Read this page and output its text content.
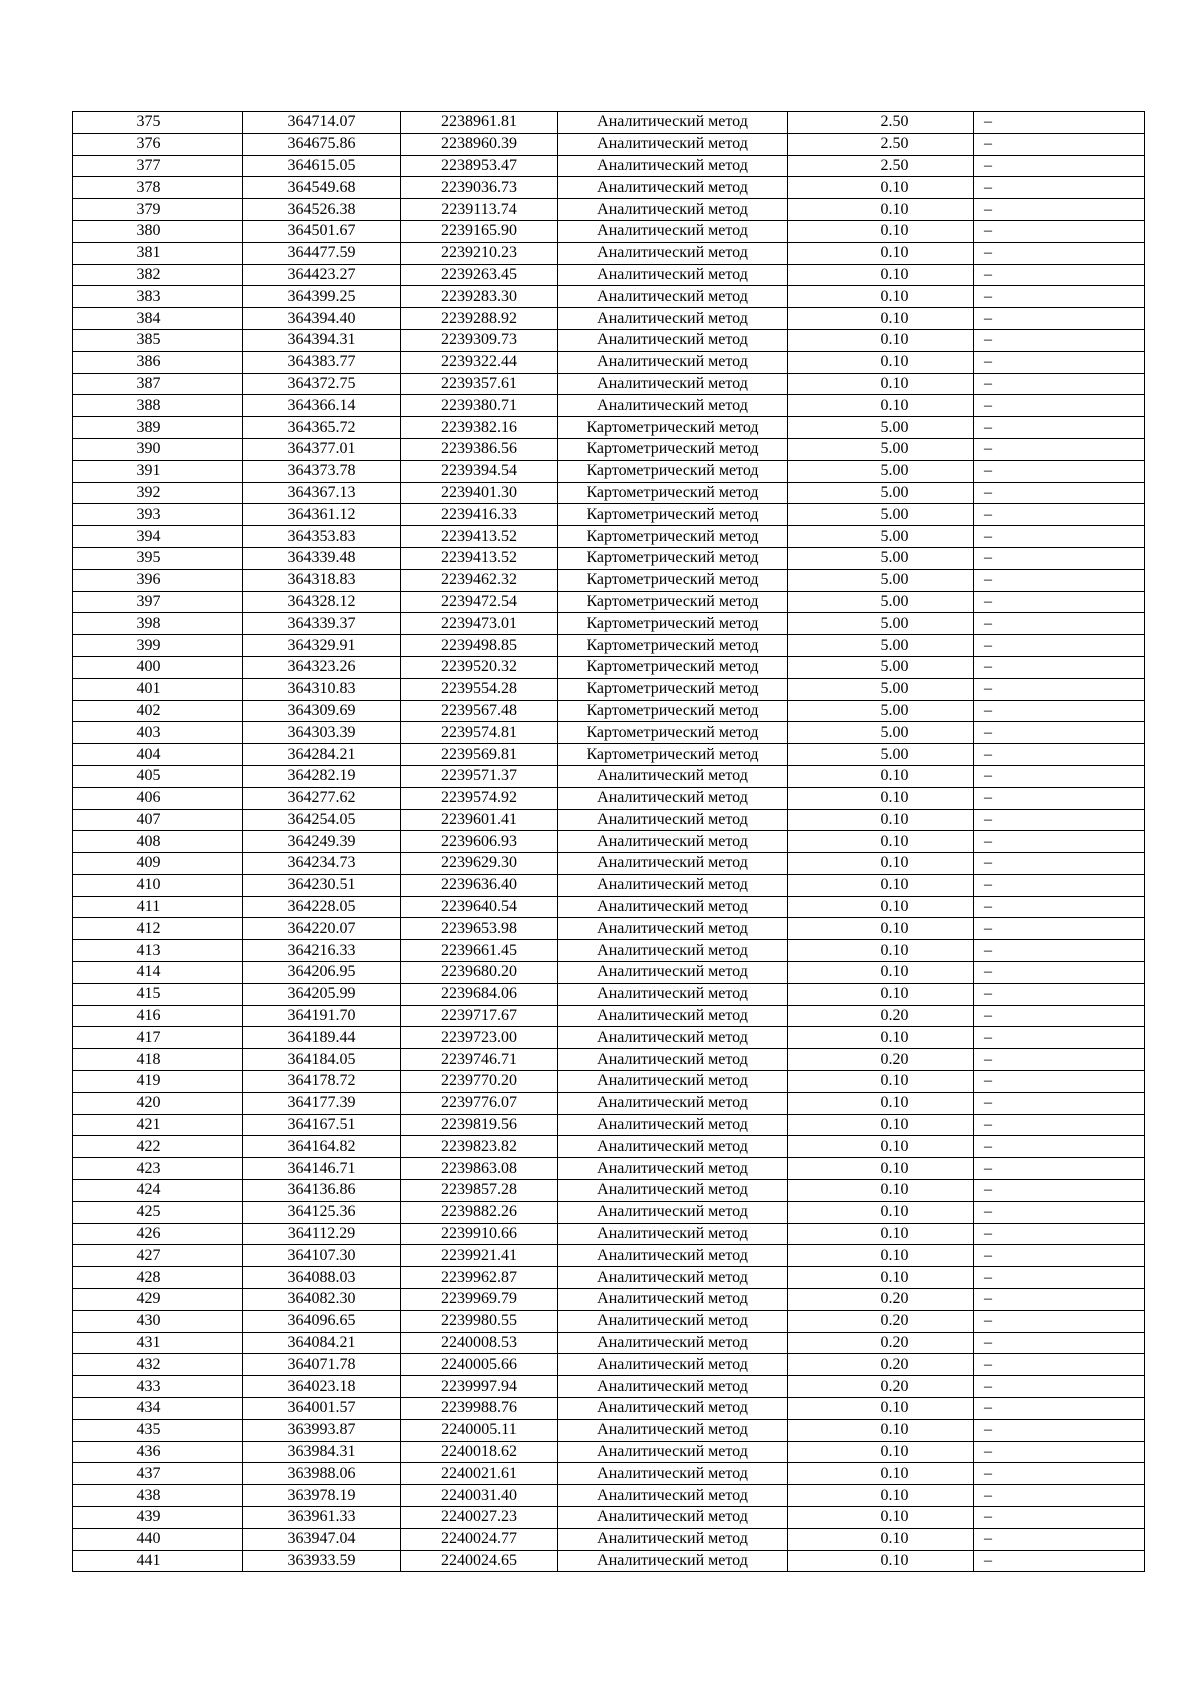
375	364714.07	2238961.81	Аналитический метод	2.50	–
376	364675.86	2238960.39	Аналитический метод	2.50	–
377	364615.05	2238953.47	Аналитический метод	2.50	–
378	364549.68	2239036.73	Аналитический метод	0.10	–
379	364526.38	2239113.74	Аналитический метод	0.10	–
380	364501.67	2239165.90	Аналитический метод	0.10	–
381	364477.59	2239210.23	Аналитический метод	0.10	–
382	364423.27	2239263.45	Аналитический метод	0.10	–
383	364399.25	2239283.30	Аналитический метод	0.10	–
384	364394.40	2239288.92	Аналитический метод	0.10	–
385	364394.31	2239309.73	Аналитический метод	0.10	–
386	364383.77	2239322.44	Аналитический метод	0.10	–
387	364372.75	2239357.61	Аналитический метод	0.10	–
388	364366.14	2239380.71	Аналитический метод	0.10	–
389	364365.72	2239382.16	Картометрический метод	5.00	–
390	364377.01	2239386.56	Картометрический метод	5.00	–
391	364373.78	2239394.54	Картометрический метод	5.00	–
392	364367.13	2239401.30	Картометрический метод	5.00	–
393	364361.12	2239416.33	Картометрический метод	5.00	–
394	364353.83	2239413.52	Картометрический метод	5.00	–
395	364339.48	2239413.52	Картометрический метод	5.00	–
396	364318.83	2239462.32	Картометрический метод	5.00	–
397	364328.12	2239472.54	Картометрический метод	5.00	–
398	364339.37	2239473.01	Картометрический метод	5.00	–
399	364329.91	2239498.85	Картометрический метод	5.00	–
400	364323.26	2239520.32	Картометрический метод	5.00	–
401	364310.83	2239554.28	Картометрический метод	5.00	–
402	364309.69	2239567.48	Картометрический метод	5.00	–
403	364303.39	2239574.81	Картометрический метод	5.00	–
404	364284.21	2239569.81	Картометрический метод	5.00	–
405	364282.19	2239571.37	Аналитический метод	0.10	–
406	364277.62	2239574.92	Аналитический метод	0.10	–
407	364254.05	2239601.41	Аналитический метод	0.10	–
408	364249.39	2239606.93	Аналитический метод	0.10	–
409	364234.73	2239629.30	Аналитический метод	0.10	–
410	364230.51	2239636.40	Аналитический метод	0.10	–
411	364228.05	2239640.54	Аналитический метод	0.10	–
412	364220.07	2239653.98	Аналитический метод	0.10	–
413	364216.33	2239661.45	Аналитический метод	0.10	–
414	364206.95	2239680.20	Аналитический метод	0.10	–
415	364205.99	2239684.06	Аналитический метод	0.10	–
416	364191.70	2239717.67	Аналитический метод	0.20	–
417	364189.44	2239723.00	Аналитический метод	0.10	–
418	364184.05	2239746.71	Аналитический метод	0.20	–
419	364178.72	2239770.20	Аналитический метод	0.10	–
420	364177.39	2239776.07	Аналитический метод	0.10	–
421	364167.51	2239819.56	Аналитический метод	0.10	–
422	364164.82	2239823.82	Аналитический метод	0.10	–
423	364146.71	2239863.08	Аналитический метод	0.10	–
424	364136.86	2239857.28	Аналитический метод	0.10	–
425	364125.36	2239882.26	Аналитический метод	0.10	–
426	364112.29	2239910.66	Аналитический метод	0.10	–
427	364107.30	2239921.41	Аналитический метод	0.10	–
428	364088.03	2239962.87	Аналитический метод	0.10	–
429	364082.30	2239969.79	Аналитический метод	0.20	–
430	364096.65	2239980.55	Аналитический метод	0.20	–
431	364084.21	2240008.53	Аналитический метод	0.20	–
432	364071.78	2240005.66	Аналитический метод	0.20	–
433	364023.18	2239997.94	Аналитический метод	0.20	–
434	364001.57	2239988.76	Аналитический метод	0.10	–
435	363993.87	2240005.11	Аналитический метод	0.10	–
436	363984.31	2240018.62	Аналитический метод	0.10	–
437	363988.06	2240021.61	Аналитический метод	0.10	–
438	363978.19	2240031.40	Аналитический метод	0.10	–
439	363961.33	2240027.23	Аналитический метод	0.10	–
440	363947.04	2240024.77	Аналитический метод	0.10	–
441	363933.59	2240024.65	Аналитический метод	0.10	–
